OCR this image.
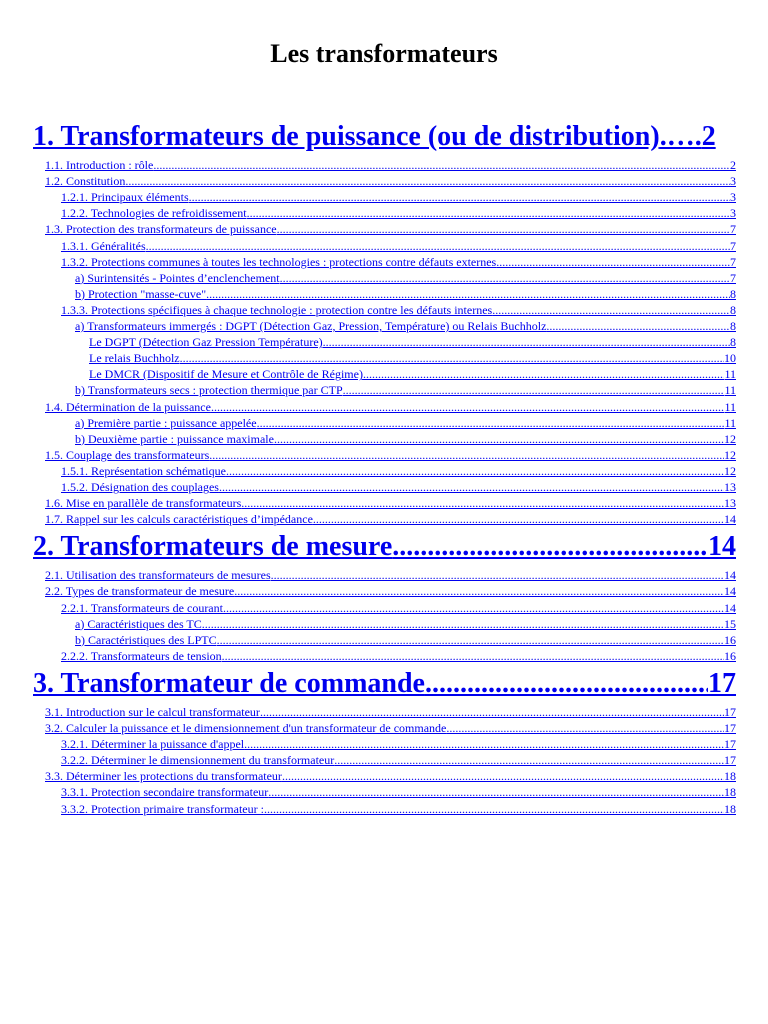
Les transformateurs
1. Transformateurs de puissance (ou de distribution) .…. 2
1.1. Introduction : rôle .....	2
1.2. Constitution .....	3
1.2.1. Principaux éléments .....	3
1.2.2. Technologies de refroidissement .....	3
1.3. Protection des transformateurs de puissance .....	7
1.3.1. Généralités .....	7
1.3.2. Protections communes à toutes les technologies : protections contre défauts externes .....	7
a) Surintensités - Pointes d’enclenchement .....	7
b) Protection "masse-cuve" .....	8
1.3.3. Protections spécifiques à chaque technologie : protection contre les défauts internes .....	8
a) Transformateurs immergés : DGPT (Détection Gaz, Pression, Température) ou Relais Buchholz .....	8
Le DGPT (Détection Gaz Pression Température) .....	8
Le relais Buchholz .....	10
Le DMCR (Dispositif de Mesure et Contrôle de Régime) .....	11
b) Transformateurs secs : protection thermique par CTP .....	11
1.4. Détermination de la puissance .....	11
a) Première partie : puissance appelée .....	11
b) Deuxième partie : puissance maximale .....	12
1.5. Couplage des transformateurs .....	12
1.5.1. Représentation schématique .....	12
1.5.2. Désignation des couplages .....	13
1.6. Mise en parallèle de transformateurs .....	13
1.7. Rappel sur les calculs caractéristiques d’impédance .....	14
2. Transformateurs de mesure .....	14
2.1. Utilisation des transformateurs de mesures .....	14
2.2. Types de transformateur de mesure .....	14
2.2.1. Transformateurs de courant .....	14
a) Caractéristiques des TC .....	15
b) Caractéristiques des LPTC .....	16
2.2.2. Transformateurs de tension .....	16
3. Transformateur de commande .....	17
3.1. Introduction sur le calcul transformateur .....	17
3.2. Calculer la puissance et le dimensionnement d'un transformateur de commande .....	17
3.2.1. Déterminer la puissance d'appel .....	17
3.2.2. Déterminer le dimensionnement du transformateur .....	17
3.3. Déterminer les protections du transformateur .....	18
3.3.1. Protection secondaire transformateur .....	18
3.3.2. Protection primaire transformateur : .....	18
